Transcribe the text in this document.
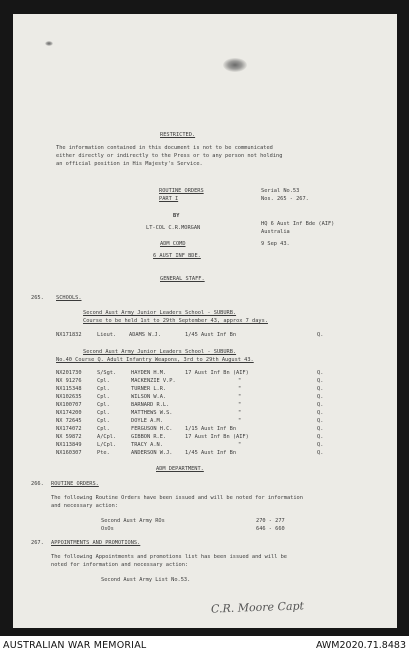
RESTRICTED.
The information contained in this document is not to be communicated
either directly or indirectly to the Press or to any person not holding
an official position in His Majesty's Service.
ROUTINE ORDERS	Serial No.53
PART I	Nos. 265 - 267.
BY
LT-COL C.R.MORGAN
HQ 6 Aust Inf Bde (AIF)
Australia
ADM COMD	9 Sep 43.
6 AUST INF BDE.
GENERAL STAFF.
265. SCHOOLS.
Second Aust Army Junior Leaders School - SUBURB.
Course to be held 1st to 29th September 43, approx 7 days.
NX171832	Lieut. ADAMS W.J.	1/45 Aust Inf Bn	Q.
Second Aust Army Junior Leaders School - SUBURB.
No.40 Course Q. Adult Infantry Weapons, 3rd to 29th August 43.
NX201730	S/Sgt.	HAYDEN H.M.	17 Aust Inf Bn (AIF)	Q.
NX 91276	Cpl.	MACKENZIE V.P.	"	Q.
NX115348	Cpl.	TURNER L.R.	"	Q.
NX102635	Cpl.	WILSON W.A.	"	Q.
NX100707	Cpl.	BARNARD R.L.	"	Q.
NX174200	Cpl.	MATTHEWS W.S.	"	Q.
NX 72645	Cpl.	DOYLE A.M.	"	Q.
NX174072	Cpl.	FERGUSON H.C. 1/15 Aust Inf Bn	Q.
NX 59872	A/Cpl.	GIBBON R.E.	17 Aust Inf Bn (AIF)	Q.
NX113849	L/Cpl.	TRACY A.N.	"	Q.
NX160307	Pte.	ANDERSON W.J. 1/45 Aust Inf Bn	Q.
ADM DEPARTMENT.
266. ROUTINE ORDERS.
The following Routine Orders have been issued and will be noted for information
and necessary action:
Second Aust Army ROs	270 - 277
OsOs	646 - 660
267. APPOINTMENTS AND PROMOTIONS.
The following Appointments and promotions list has been issued and will be
noted for information and necessary action:
Second Aust Army List No.53.
C.R. Moore Capt
AUSTRALIAN WAR MEMORIAL	AWM2020.71.8483
